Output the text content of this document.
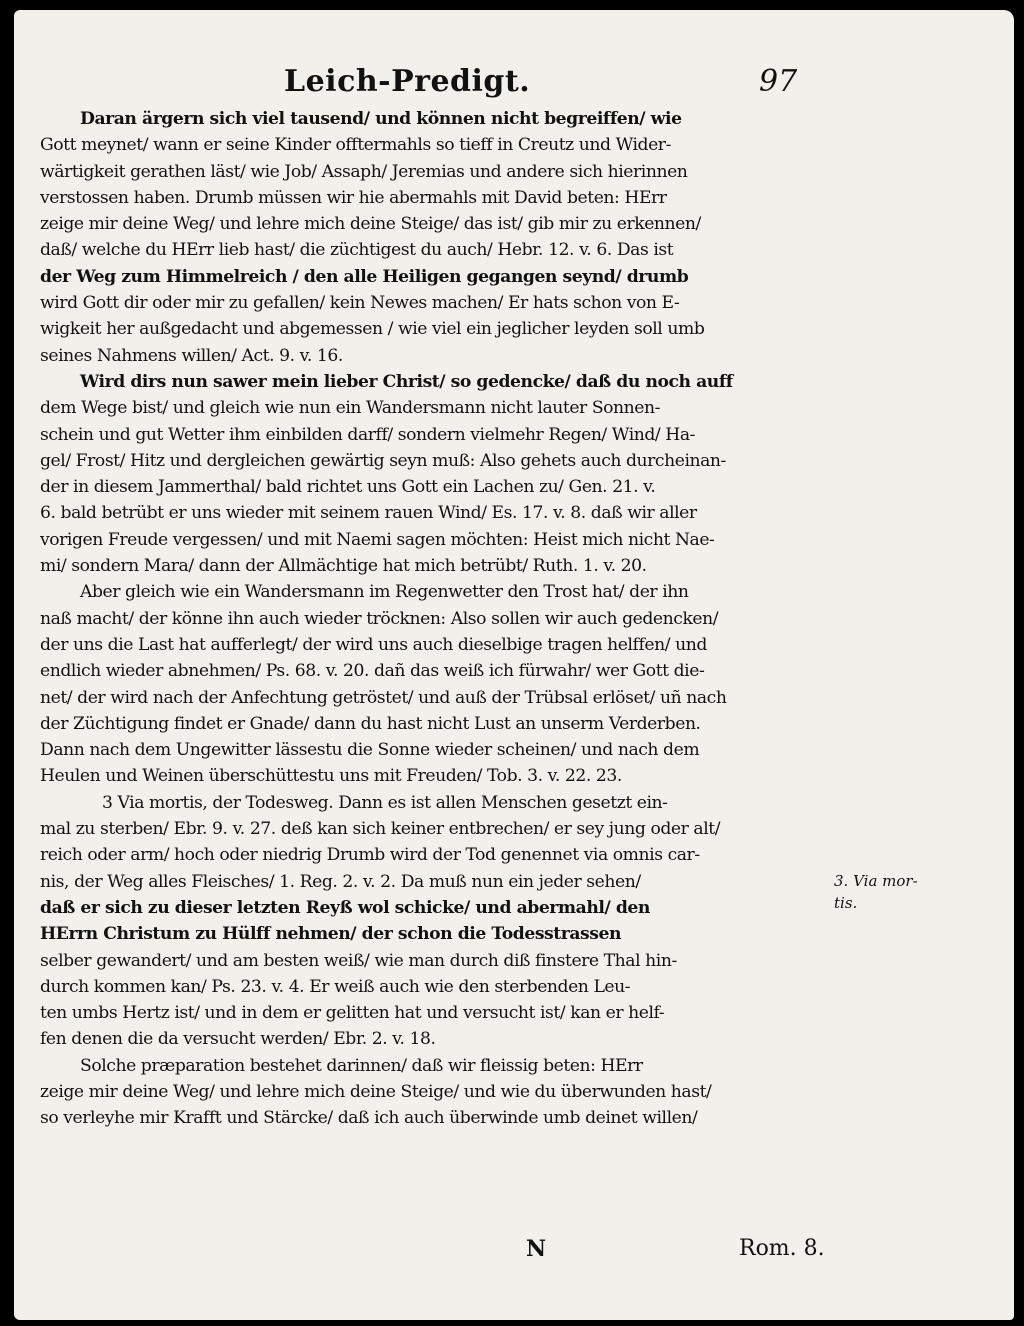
Leich-Predigt.	97
Daran ärgern sich viel tausend/ und können nicht begreiffen/ wie
Gott meynet/ wann er seine Kinder offtermahls so tieff in Creutz und Wider-
wärtigkeit gerathen läst/ wie Job/ Assaph/ Jeremias und andere sich hierinnen
verstossen haben. Drumb müssen wir hie abermahls mit David beten: HErr
zeige mir deine Weg/ und lehre mich deine Steige/ das ist/ gib mir zu erkennen/
daß/ welche du HErr lieb hast/ die züchtigest du auch/ Hebr. 12. v. 6. Das ist
der Weg zum Himmelreich / den alle Heiligen gegangen seynd/ drumb
wird Gott dir oder mir zu gefallen/ kein Newes machen/ Er hats schon von E-
wigkeit her außgedacht und abgemessen / wie viel ein jeglicher leyden soll umb
seines Nahmens willen/ Act. 9. v. 16.
Wird dirs nun sawer mein lieber Christ/ so gedencke/ daß du noch auff
dem Wege bist/ und gleich wie nun ein Wandersmann nicht lauter Sonnen-
schein und gut Wetter ihm einbilden darff/ sondern vielmehr Regen/ Wind/ Ha-
gel/ Frost/ Hitz und dergleichen gewärtig seyn muß: Also gehets auch durcheinan-
der in diesem Jammerthal/ bald richtet uns Gott ein Lachen zu/ Gen. 21. v.
6. bald betrübt er uns wieder mit seinem rauen Wind/ Es. 17. v. 8. daß wir aller
vorigen Freude vergessen/ und mit Naemi sagen möchten: Heist mich nicht Nae-
mi/ sondern Mara/ dann der Allmächtige hat mich betrübt/ Ruth. 1. v. 20.
Aber gleich wie ein Wandersmann im Regenwetter den Trost hat/ der ihn
naß macht/ der könne ihn auch wieder tröcknen: Also sollen wir auch gedencken/
der uns die Last hat aufferlegt/ der wird uns auch dieselbige tragen helffen/ und
endlich wieder abnehmen/ Ps. 68. v. 20. dañ das weiß ich fürwahr/ wer Gott die-
net/ der wird nach der Anfechtung getröstet/ und auß der Trübsal erlöset/ uñ nach
der Züchtigung findet er Gnade/ dann du hast nicht Lust an unserm Verderben.
Dann nach dem Ungewitter lässestu die Sonne wieder scheinen/ und nach dem
Heulen und Weinen überschüttestu uns mit Freuden/ Tob. 3. v. 22. 23.
3 Via mortis, der Todesweg. Dann es ist allen Menschen gesetzt ein-
mal zu sterben/ Ebr. 9. v. 27. deß kan sich keiner entbrechen/ er sey jung oder alt/
reich oder arm/ hoch oder niedrig Drumb wird der Tod genennet via omnis car-
nis, der Weg alles Fleisches/ 1. Reg. 2. v. 2. Da muß nun ein jeder sehen/
daß er sich zu dieser letzten Reyß wol schicke/ und abermahl/ den
HErrn Christum zu Hülff nehmen/ der schon die Todesstrassen
selber gewandert/ und am besten weiß/ wie man durch diß finstere Thal hin-
durch kommen kan/ Ps. 23. v. 4. Er weiß auch wie den sterbenden Leu-
ten umbs Hertz ist/ und in dem er gelitten hat und versucht ist/ kan er helf-
fen denen die da versucht werden/ Ebr. 2. v. 18.
Solche præparation bestehet darinnen/ daß wir fleissig beten: HErr
zeige mir deine Weg/ und lehre mich deine Steige/ und wie du überwunden hast/
so verleyhe mir Krafft und Stärcke/ daß ich auch überwinde umb deinet willen/
3. Via mor-
tis.
N	Rom. 8.
